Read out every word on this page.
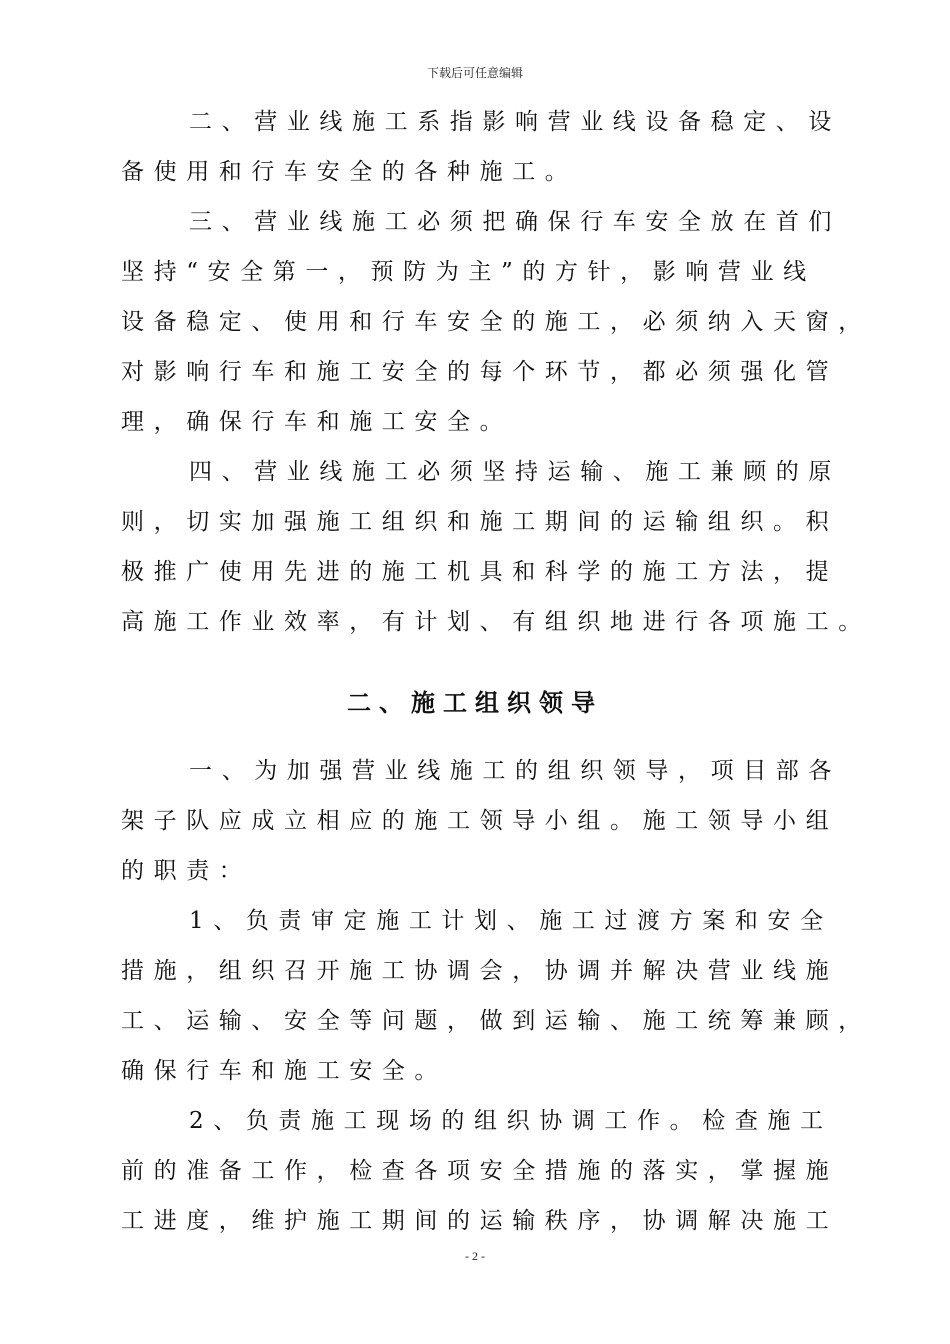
下载后可任意编辑
二、营业线施工系指影响营业线设备稳定、设
备使用和行车安全的各种施工。
三、营业线施工必须把确保行车安全放在首们
坚持“安全第一，预防为主”的方针，影响营业线
设备稳定、使用和行车安全的施工，必须纳入天窗，
对影响行车和施工安全的每个环节，都必须强化管
理，确保行车和施工安全。
四、营业线施工必须坚持运输、施工兼顾的原
则，切实加强施工组织和施工期间的运输组织。积
极推广使用先进的施工机具和科学的施工方法，提
高施工作业效率，有计划、有组织地进行各项施工。
二、施工组织领导
一、为加强营业线施工的组织领导，项目部各
架子队应成立相应的施工领导小组。施工领导小组
的职责：
1、负责审定施工计划、施工过渡方案和安全
措施，组织召开施工协调会，协调并解决营业线施
工、运输、安全等问题，做到运输、施工统筹兼顾，
确保行车和施工安全。
2、负责施工现场的组织协调工作。检查施工
前的准备工作，检查各项安全措施的落实，掌握施
工进度，维护施工期间的运输秩序，协调解决施工
- 2 -
